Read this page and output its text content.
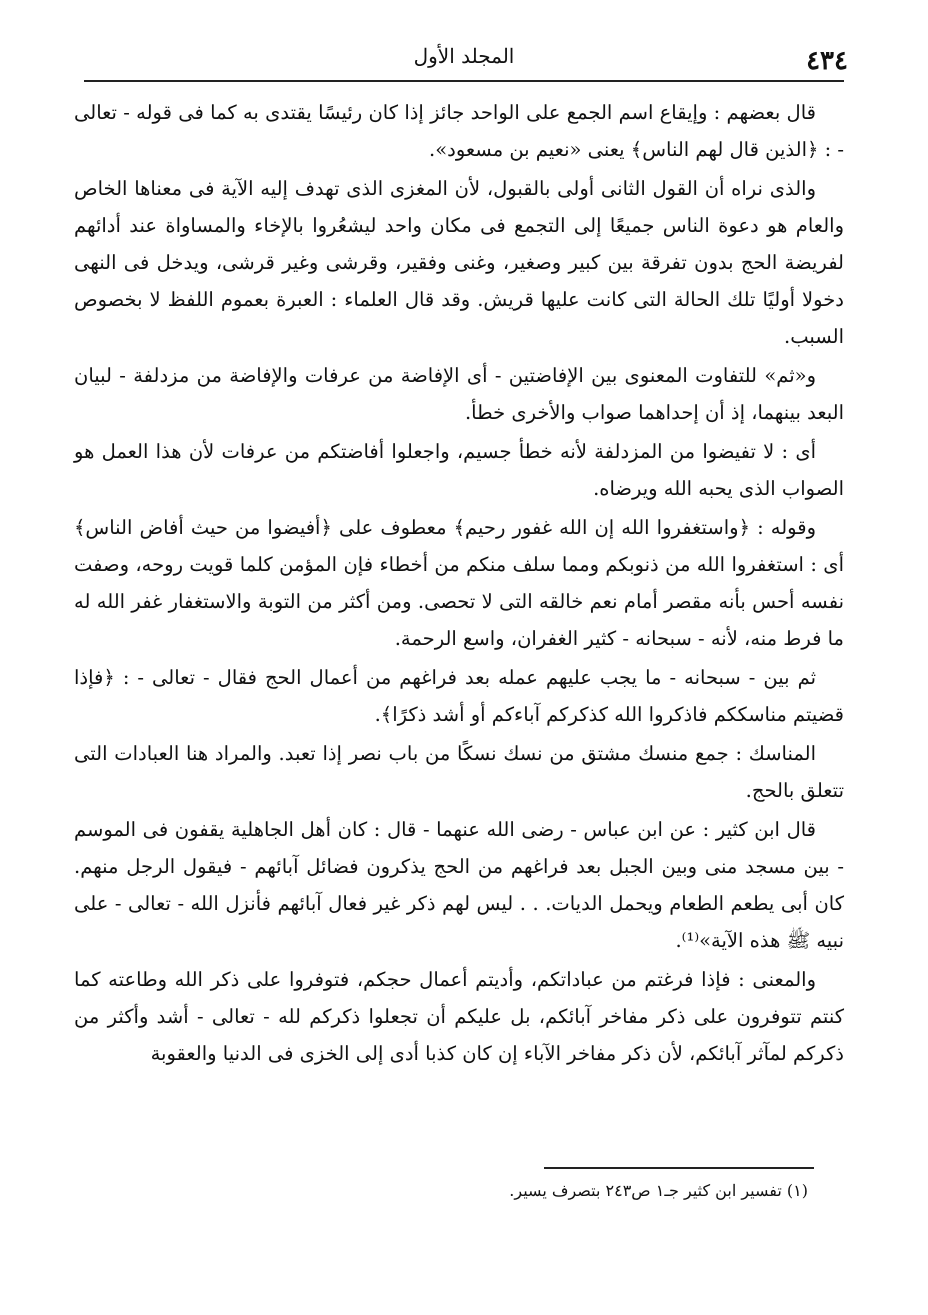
٤٣٤
المجلد الأول

قال بعضهم : وإيقاع اسم الجمع على الواحد جائز إذا كان رئيسًا يقتدى به كما فى قوله - تعالى - : ﴿الذين قال لهم الناس﴾ يعنى «نعيم بن مسعود».

والذى نراه أن القول الثانى أولى بالقبول، لأن المغزى الذى تهدف إليه الآية فى معناها الخاص والعام هو دعوة الناس جميعًا إلى التجمع فى مكان واحد ليشعُروا بالإخاء والمساواة عند أدائهم لفريضة الحج بدون تفرقة بين كبير وصغير، وغنى وفقير، وقرشى وغير قرشى، ويدخل فى النهى دخولا أوليًا تلك الحالة التى كانت عليها قريش. وقد قال العلماء : العبرة بعموم اللفظ لا بخصوص السبب.

و«ثم» للتفاوت المعنوى بين الإفاضتين - أى الإفاضة من عرفات والإفاضة من مزدلفة - لبيان البعد بينهما، إذ أن إحداهما صواب والأخرى خطأ.

أى : لا تفيضوا من المزدلفة لأنه خطأ جسيم، واجعلوا أفاضتكم من عرفات لأن هذا العمل هو الصواب الذى يحبه الله ويرضاه.

وقوله : ﴿واستغفروا الله إن الله غفور رحيم﴾ معطوف على ﴿أفيضوا من حيث أفاض الناس﴾ أى : استغفروا الله من ذنوبكم ومما سلف منكم من أخطاء فإن المؤمن كلما قويت روحه، وصفت نفسه أحس بأنه مقصر أمام نعم خالقه التى لا تحصى. ومن أكثر من التوبة والاستغفار غفر الله له ما فرط منه، لأنه - سبحانه - كثير الغفران، واسع الرحمة.

ثم بين - سبحانه - ما يجب عليهم عمله بعد فراغهم من أعمال الحج فقال - تعالى - : ﴿فإذا قضيتم مناسككم فاذكروا الله كذكركم آباءكم أو أشد ذكرًا﴾.

المناسك : جمع منسك مشتق من نسك نسكًا من باب نصر إذا تعبد. والمراد هنا العبادات التى تتعلق بالحج.

قال ابن كثير : عن ابن عباس - رضى الله عنهما - قال : كان أهل الجاهلية يقفون فى الموسم - بين مسجد منى وبين الجبل بعد فراغهم من الحج يذكرون فضائل آبائهم - فيقول الرجل منهم. كان أبى يطعم الطعام ويحمل الديات. . . ليس لهم ذكر غير فعال آبائهم فأنزل الله - تعالى - على نبيه ﷺ هذه الآية»⁽¹⁾.

والمعنى : فإذا فرغتم من عباداتكم، وأديتم أعمال حجكم، فتوفروا على ذكر الله وطاعته كما كنتم تتوفرون على ذكر مفاخر آبائكم، بل عليكم أن تجعلوا ذكركم لله - تعالى - أشد وأكثر من ذكركم لمآثر آبائكم، لأن ذكر مفاخر الآباء إن كان كذبا أدى إلى الخزى فى الدنيا والعقوبة

(١) تفسير ابن كثير جـ١ ص٢٤٣ بتصرف يسير.
